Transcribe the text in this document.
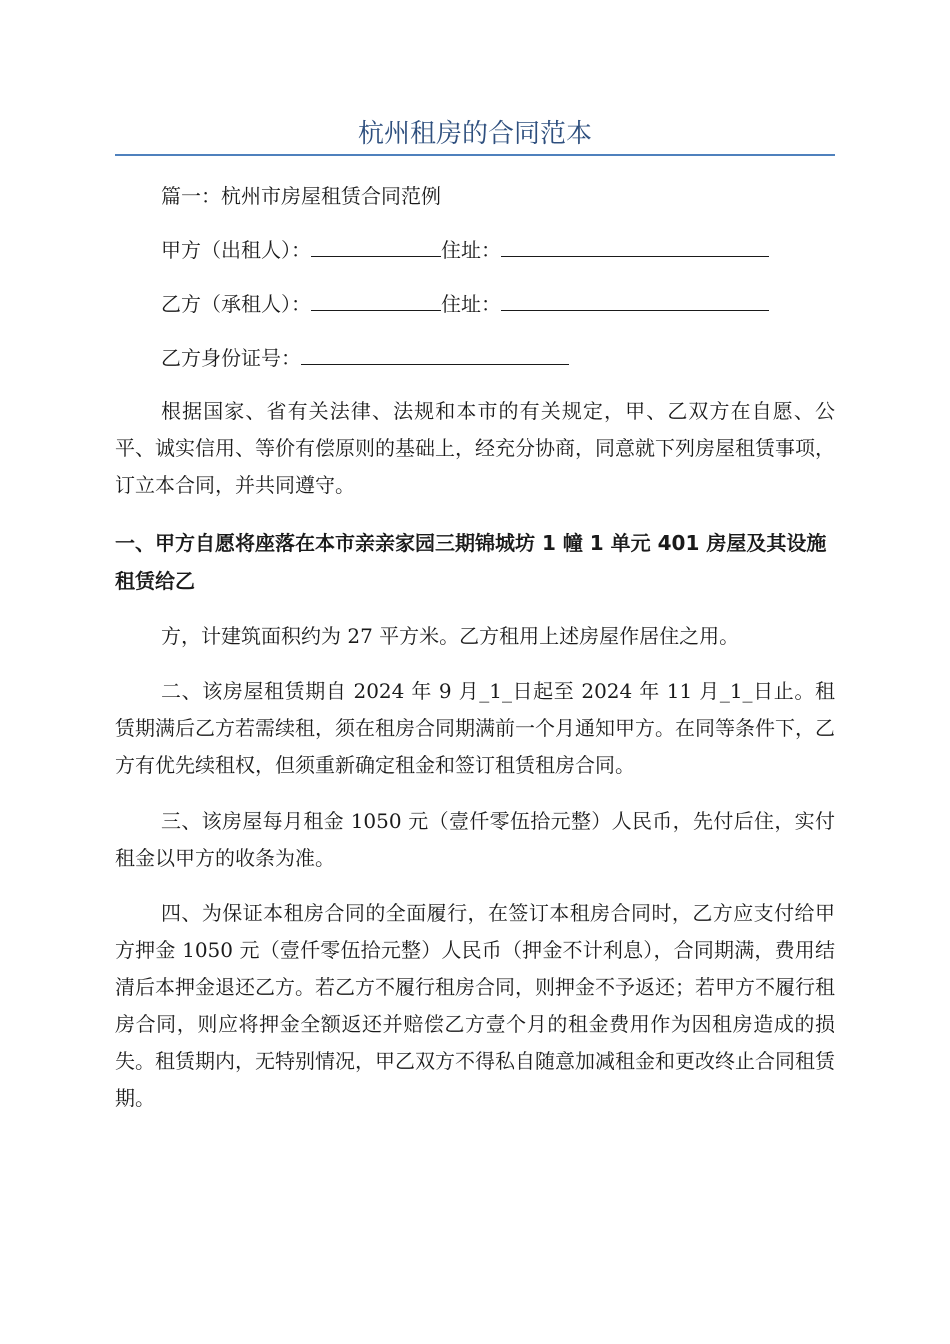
杭州租房的合同范本
篇一：杭州市房屋租赁合同范例
甲方（出租人）：	住址：
乙方（承租人）：	住址：
乙方身份证号：

根据国家、省有关法律、法规和本市的有关规定，甲、乙双方在自愿、公平、诚实信用、等价有偿原则的基础上，经充分协商，同意就下列房屋租赁事项，订立本合同，并共同遵守。

一、甲方自愿将座落在本市亲亲家园三期锦城坊 1 幢 1 单元 401 房屋及其设施租赁给乙

方，计建筑面积约为 27 平方米。乙方租用上述房屋作居住之用。

二、该房屋租赁期自 2024 年 9 月_1_日起至 2024 年 11 月_1_日止。租赁期满后乙方若需续租，须在租房合同期满前一个月通知甲方。在同等条件下，乙方有优先续租权，但须重新确定租金和签订租赁租房合同。

三、该房屋每月租金 1050 元（壹仟零伍拾元整）人民币，先付后住，实付租金以甲方的收条为准。

四、为保证本租房合同的全面履行，在签订本租房合同时，乙方应支付给甲方押金 1050 元（壹仟零伍拾元整）人民币（押金不计利息），合同期满，费用结清后本押金退还乙方。若乙方不履行租房合同，则押金不予返还；若甲方不履行租房合同，则应将押金全额返还并赔偿乙方壹个月的租金费用作为因租房造成的损失。租赁期内，无特别情况，甲乙双方不得私自随意加减租金和更改终止合同租赁期。
